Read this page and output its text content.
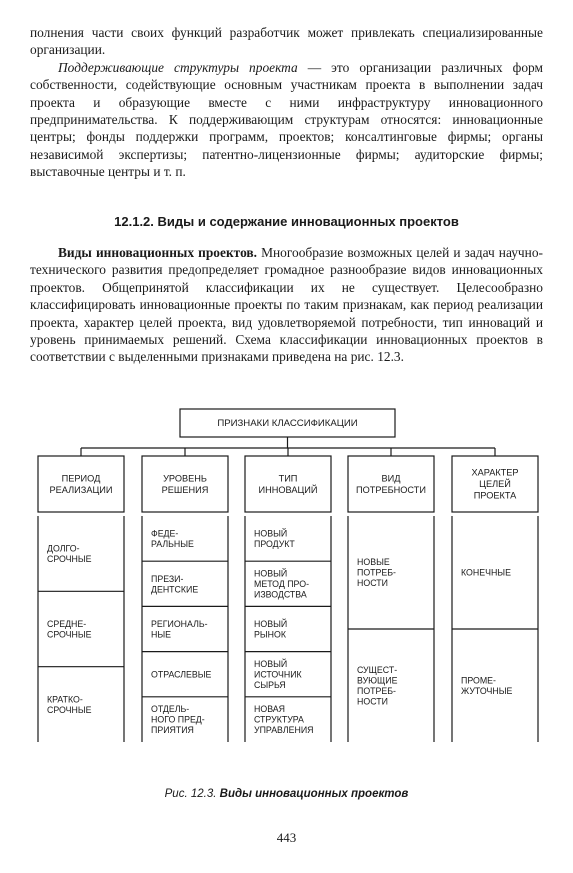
полнения части своих функций разработчик может привлекать специализированные организации.

Поддерживающие структуры проекта — это организации различных форм собственности, содействующие основным участникам проекта в выполнении задач проекта и образующие вместе с ними инфраструктуру инновационного предпринимательства. К поддерживающим структурам относятся: инновационные центры; фонды поддержки программ, проектов; консалтинговые фирмы; органы независимой экспертизы; патентно-лицензионные фирмы; аудиторские фирмы; выставочные центры и т. п.

12.1.2. Виды и содержание инновационных проектов

Виды инновационных проектов. Многообразие возможных целей и задач научно-технического развития предопределяет громадное разнообразие видов инновационных проектов. Общепринятой классификации их не существует. Целесообразно классифицировать инновационные проекты по таким признакам, как период реализации проекта, характер целей проекта, вид удовлетворяемой потребности, тип инноваций и уровень принимаемых решений. Схема классификации инновационных проектов в соответствии с выделенными признаками приведена на рис. 12.3.

ПРИЗНАКИ КЛАССИФИКАЦИИ
ПЕРИОД РЕАЛИЗАЦИИ
ДОЛГО-СРОЧНЫЕ
СРЕДНЕ-СРОЧНЫЕ
КРАТКО-СРОЧНЫЕ
УРОВЕНЬ РЕШЕНИЯ
ФЕДЕ-РАЛЬНЫЕ
ПРЕЗИ-ДЕНТСКИЕ
РЕГИОНАЛЬ-НЫЕ
ОТРАСЛЕВЫЕ
ОТДЕЛЬ-НОГО ПРЕД-ПРИЯТИЯ
ТИП ИННОВАЦИЙ
НОВЫЙ ПРОДУКТ
НОВЫЙ МЕТОД ПРО-ИЗВОДСТВА
НОВЫЙ РЫНОК
НОВЫЙ ИСТОЧНИК СЫРЬЯ
НОВАЯ СТРУКТУРА УПРАВЛЕНИЯ
ВИД ПОТРЕБНОСТИ
НОВЫЕ ПОТРЕБ-НОСТИ
СУЩЕСТ-ВУЮЩИЕ ПОТРЕБ-НОСТИ
ХАРАКТЕР ЦЕЛЕЙ ПРОЕКТА
КОНЕЧНЫЕ
ПРОМЕ-ЖУТОЧНЫЕ
Рис. 12.3. Виды инновационных проектов
443
